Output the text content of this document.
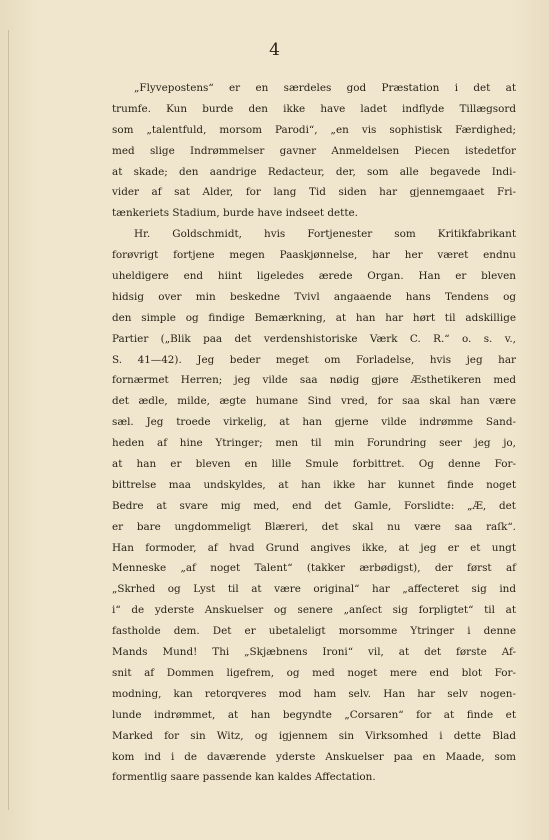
4
„Flyvepostens“ er en særdeles god Præstation i det at
trumfe. Kun burde den ikke have ladet indflyde Tillægsord
som „talentfuld, morsom Parodi“, „en vis sophistisk Færdighed;
med slige Indrømmelser gavner Anmeldelsen Piecen istedetfor
at skade; den aandrige Redacteur, der, som alle begavede Indi-
vider af sat Alder, for lang Tid siden har gjennemgaaet Fri-
tænkeriets Stadium, burde have indseet dette.
Hr. Goldschmidt, hvis Fortjenester som Kritikfabrikant
forøvrigt fortjene megen Paaskjønnelse, har her været endnu
uheldigere end hiint ligeledes ærede Organ. Han er bleven
hidsig over min beskedne Tvivl angaaende hans Tendens og
den simple og findige Bemærkning, at han har hørt til adskillige
Partier („Blik paa det verdenshistoriske Værk C. R.“ o. s. v.,
S. 41—42). Jeg beder meget om Forladelse, hvis jeg har
fornærmet Herren; jeg vilde saa nødig gjøre Æsthetikeren med
det ædle, milde, ægte humane Sind vred, for saa skal han være
sæl. Jeg troede virkelig, at han gjerne vilde indrømme Sand-
heden af hine Ytringer; men til min Forundring seer jeg jo,
at han er bleven en lille Smule forbittret. Og denne For-
bittrelse maa undskyldes, at han ikke har kunnet finde noget
Bedre at svare mig med, end det Gamle, Forslidte: „Æ, det
er bare ungdommeligt Blæreri, det skal nu være saa raſk“.
Han formoder, af hvad Grund angives ikke, at jeg er et ungt
Menneske „af noget Talent“ (takker ærbødigst), der først af
„Skrhed og Lyst til at være original“ har „affecteret sig ind
i“ de yderste Anskuelser og senere „anſect sig forpligtet“ til at
fastholde dem. Det er ubetaleligt morsomme Ytringer i denne
Mands Mund! Thi „Skjæbnens Ironi“ vil, at det første Af-
snit af Dommen ligefrem, og med noget mere end blot For-
modning, kan retorqveres mod ham selv. Han har selv nogen-
lunde indrømmet, at han begyndte „Corsaren“ for at finde et
Marked for sin Witz, og igjennem sin Virksomhed i dette Blad
kom ind i de daværende yderste Anskuelser paa en Maade, som
formentlig saare passende kan kaldes Affectation.
